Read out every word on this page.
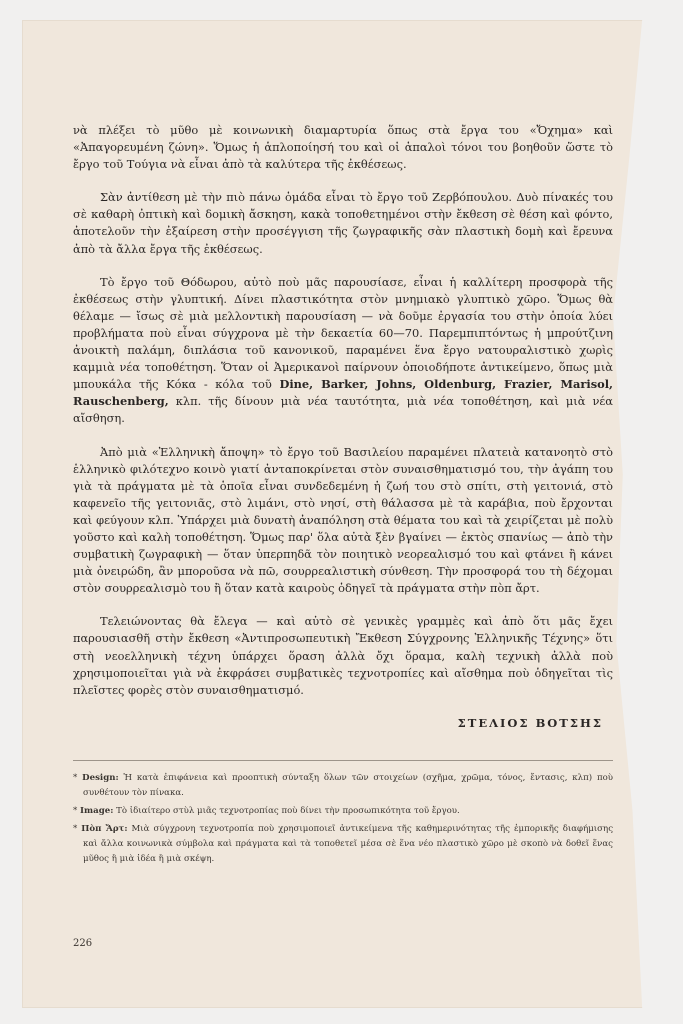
νὰ πλέξει τὸ μῦθο μὲ κοινωνικὴ διαμαρτυρία ὅπως στὰ ἔργα του «Ὄχημα» καὶ «Ἀπαγορευμένη ζώνη». Ὅμως ἡ ἁπλοποίησή του καὶ οἱ ἁπαλοὶ τόνοι του βοηθοῦν ὥστε τὸ ἔργο τοῦ Τούγια νὰ εἶναι ἀπὸ τὰ καλύτερα τῆς ἐκθέσεως.

Σὰν ἀντίθεση μὲ τὴν πιὸ πάνω ὁμάδα εἶναι τὸ ἔργο τοῦ Ζερβόπουλου. Δυὸ πίνακές του σὲ καθαρὴ ὀπτικὴ καὶ δομικὴ ἄσκηση, κακὰ τοποθετημένοι στὴν ἔκθεση σὲ θέση καὶ φόντο, ἀποτελοῦν τὴν ἐξαίρεση στὴν προσέγγιση τῆς ζωγραφικῆς σὰν πλαστικὴ δομὴ καὶ ἔρευνα ἀπὸ τὰ ἄλλα ἔργα τῆς ἐκθέσεως.

Τὸ ἔργο τοῦ Θόδωρου, αὐτὸ ποὺ μᾶς παρουσίασε, εἶναι ἡ καλλίτερη προσφορὰ τῆς ἐκθέσεως στὴν γλυπτική. Δίνει πλαστικότητα στὸν μνημιακὸ γλυπτικὸ χῶρο. Ὅμως θὰ θέλαμε — ἴσως σὲ μιὰ μελλοντικὴ παρουσίαση — νὰ δοῦμε ἐργασία του στὴν ὁποία λύει προβλήματα ποὺ εἶναι σύγχρονα μὲ τὴν δεκαετία 60—70. Παρεμπιπτόντως ἡ μπρούτζινη ἀνοικτὴ παλάμη, διπλάσια τοῦ κανονικοῦ, παραμένει ἕνα ἔργο νατουραλιστικὸ χωρὶς καμμιὰ νέα τοποθέτηση. Ὅταν οἱ Ἀμερικανοὶ παίρνουν ὁποιοδήποτε ἀντικείμενο, ὅπως μιὰ μπουκάλα τῆς Κόκα - κόλα τοῦ Dine, Barker, Johns, Oldenburg, Frazier, Marisol, Rauschenberg, κλπ. τῆς δίνουν μιὰ νέα ταυτότητα, μιὰ νέα τοποθέτηση, καὶ μιὰ νέα αἴσθηση.

Ἀπὸ μιὰ «Ἑλληνικὴ ἄποψη» τὸ ἔργο τοῦ Βασιλείου παραμένει πλατειὰ κατανοητὸ στὸ ἑλληνικὸ φιλότεχνο κοινὸ γιατί ἀνταποκρίνεται στὸν συναισθηματισμό του, τὴν ἀγάπη του γιὰ τὰ πράγματα μὲ τὰ ὁποῖα εἶναι συνδεδεμένη ἡ ζωή του στὸ σπίτι, στὴ γειτονιά, στὸ καφενεῖο τῆς γειτονιᾶς, στὸ λιμάνι, στὸ νησί, στὴ θάλασσα μὲ τὰ καράβια, ποὺ ἔρχονται καὶ φεύγουν κλπ. Ὑπάρχει μιὰ δυνατὴ ἀναπόληση στὰ θέματα του καὶ τὰ χειρίζεται μὲ πολὺ γοῦστο καὶ καλὴ τοποθέτηση. Ὅμως παρ' ὅλα αὐτὰ ξὲν βγαίνει — ἐκτὸς σπανίως — ἀπὸ τὴν συμβατικὴ ζωγραφικὴ — ὅταν ὑπερπηδᾶ τὸν ποιητικὸ νεορεαλισμό του καὶ φτάνει ἢ κάνει μιὰ ὀνειρώδη, ἂν μποροῦσα νὰ πῶ, σουρρεαλιστικὴ σύνθεση. Τὴν προσφορά του τὴ δέχομαι στὸν σουρρεαλισμὸ του ἢ ὅταν κατὰ καιροὺς ὁδηγεῖ τὰ πράγματα στὴν πὸπ ἄρτ.

Τελειώνοντας θὰ ἔλεγα — καὶ αὐτὸ σὲ γενικὲς γραμμὲς καὶ ἀπὸ ὅτι μᾶς ἔχει παρουσιασθῆ στὴν ἔκθεση «Ἀντιπροσωπευτικὴ Ἔκθεση Σύγχρονης Ἑλληνικῆς Τέχνης» ὅτι στὴ νεοελληνικὴ τέχνη ὑπάρχει ὅραση ἀλλὰ ὄχι ὅραμα, καλὴ τεχνικὴ ἀλλὰ ποὺ χρησιμοποιεῖται γιὰ νὰ ἐκφράσει συμβατικὲς τεχνοτροπίες καὶ αἴσθημα ποὺ ὁδηγεῖται τὶς πλεῖστες φορὲς στὸν συναισθηματισμό.

ΣΤΕΛΙΟΣ ΒΟΤΣΗΣ
* Design: Ἡ κατὰ ἐπιφάνεια καὶ προοπτικὴ σύνταξη ὅλων τῶν στοιχείων (σχῆμα, χρῶμα, τόνος, ἔντασις, κλπ) ποὺ συνθέτουν τὸν πίνακα.
* Image: Τὸ ἰδιαίτερο στὺλ μιᾶς τεχνοτροπίας ποὺ δίνει τὴν προσωπικότητα τοῦ ἔργου.
* Πὸπ Ἄρτ: Μιὰ σύγχρονη τεχνοτροπία ποὺ χρησιμοποιεῖ ἀντικείμενα τῆς καθημερινότητας τῆς ἐμπορικῆς διαφήμισης καὶ ἄλλα κοινωνικὰ σύμβολα καὶ πράγματα καὶ τὰ τοποθετεῖ μέσα σὲ ἕνα νέο πλαστικὸ χῶρο μὲ σκοπὸ νὰ δοθεῖ ἕνας μῦθος ἢ μιὰ ἰδέα ἢ μιὰ σκέψη.
226
